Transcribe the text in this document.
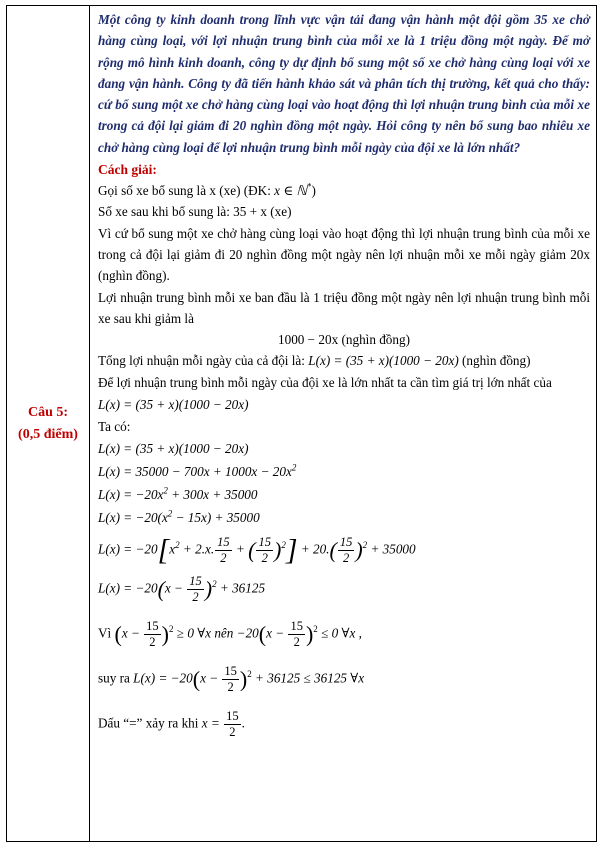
Câu 5:
(0,5 điểm)

Một công ty kinh doanh trong lĩnh vực vận tải đang vận hành một đội gồm 35 xe chở hàng cùng loại, với lợi nhuận trung bình của mỗi xe là 1 triệu đồng một ngày. Để mở rộng mô hình kinh doanh, công ty dự định bổ sung một số xe chở hàng cùng loại với xe đang vận hành. Công ty đã tiến hành khảo sát và phân tích thị trường, kết quả cho thấy: cứ bổ sung một xe chở hàng cùng loại vào hoạt động thì lợi nhuận trung bình của mỗi xe trong cả đội lại giảm đi 20 nghìn đồng một ngày. Hỏi công ty nên bổ sung bao nhiêu xe chở hàng cùng loại để lợi nhuận trung bình mỗi ngày của đội xe là lớn nhất?
Cách giải:

Gọi số xe bổ sung là x (xe) (ĐK: x ∈ ℕ*)

Số xe sau khi bổ sung là: 35 + x (xe)

Vì cứ bổ sung một xe chở hàng cùng loại vào hoạt động thì lợi nhuận trung bình của mỗi xe trong cả đội lại giảm đi 20 nghìn đồng một ngày nên lợi nhuận mỗi xe mỗi ngày giảm 20x (nghìn đồng).

Lợi nhuận trung bình mỗi xe ban đầu là 1 triệu đồng một ngày nên lợi nhuận trung bình mỗi xe sau khi giảm là

1000 − 20x (nghìn đồng)

Tổng lợi nhuận mỗi ngày của cả đội là: L(x) = (35 + x)(1000 − 20x) (nghìn đồng)

Để lợi nhuận trung bình mỗi ngày của đội xe là lớn nhất ta cần tìm giá trị lớn nhất của

L(x) = (35 + x)(1000 − 20x)

Ta có:

L(x) = (35 + x)(1000 − 20x)
$L(x) = 35000 - 700x + 1000x - 20x^2$
$L(x) = -20x^2 + 300x + 35000$
$L(x) = -20(x^2 - 15x) + 35000$
$L(x) = -20[x^2 + 2.x$. $\frac{15}{2}$ + ( $\frac{15}{2} )^2] + 20.( \frac{15}{2} )^2 + 35000$
$L(x) = -20(x - \frac{15}{2} )^2 + 36125$
Vì $(x - \frac{15}{2} )^2 \ge 0$ ∀x nên $-20(x - \frac{15}{2} )^2 \le 0$ ∀x ,
suy ra $L(x) = -20(x - \frac{15}{2} )^2 + 36125 \le 36125$ ∀x
Dấu “=” xảy ra khi $x = \frac{15}{2}$ .
